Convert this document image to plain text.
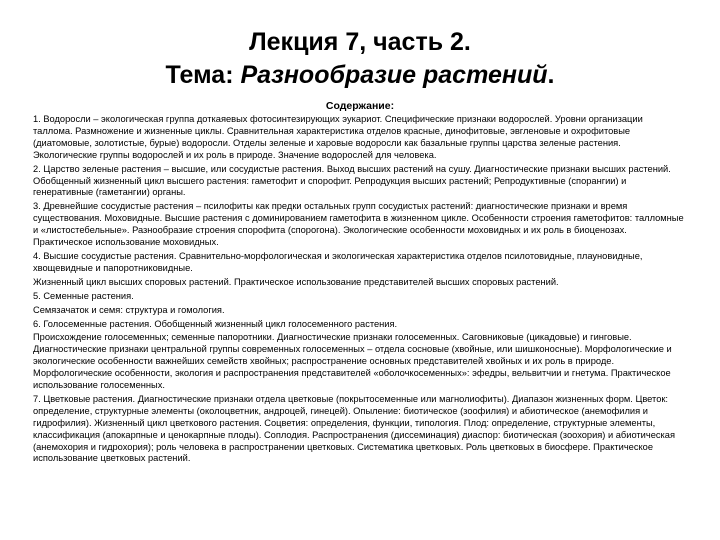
Лекция 7, часть 2.
Тема: Разнообразие растений.
Содержание:

1. Водоросли – экологическая группа доткаяевых фотосинтезирующих эукариот. Специфические признаки водорослей. Уровни организации таллома. Размножение и жизненные циклы. Сравнительная характеристика отделов красные, динофитовые, эвгленовые и охрофитовые (диатомовые, золотистые, бурые) водоросли. Отделы зеленые и харовые водоросли как базальные группы царства зеленые растения. Экологические группы водорослей и их роль в природе. Значение водорослей для человека.

2. Царство зеленые растения – высшие, или сосудистые растения. Выход высших растений на сушу. Диагностические признаки высших растений. Обобщенный жизненный цикл высшего растения: гаметофит и спорофит. Репродукция высших растений; Репродуктивные (спорангии) и генеративные (гаметангии) органы.

3. Древнейшие сосудистые растения – псилофиты как предки остальных групп сосудистых растений: диагностические признаки и время существования. Моховидные. Высшие растения с доминированием гаметофита в жизненном цикле. Особенности строения гаметофитов: талломные и «листостебельные». Разнообразие строения спорофита (спорогона). Экологические особенности моховидных и их роль в биоценозах. Практическое использование моховидных.

4. Высшие сосудистые растения. Сравнительно-морфологическая и экологическая характеристика отделов псилотовидные, плауновидные, хвощевидные и папоротниковидные.

Жизненный цикл высших споровых растений. Практическое использование представителей высших споровых растений.

5. Семенные растения.

Семязачаток и семя: структура и гомология.

6. Голосеменные растения. Обобщенный жизненный цикл голосеменного растения.

Происхождение голосеменных; семенные папоротники. Диагностические признаки голосеменных. Саговниковые (цикадовые) и гинговые. Диагностические признаки центральной группы современных голосеменных – отдела сосновые (хвойные, или шишконосные). Морфологические и экологические особенности важнейших семейств хвойных; распространение основных представителей хвойных и их роль в природе. Морфологические особенности, экология и распространения представителей «оболочкосеменных»: эфедры, вельвитчии и гнетума. Практическое использование голосеменных.

7. Цветковые растения. Диагностические признаки отдела цветковые (покрытосеменные или магнолиофиты). Диапазон жизненных форм. Цветок: определение, структурные элементы (околоцветник, андроцей, гинецей). Опыление: биотическое (зоофилия) и абиотическое (анемофилия и гидрофилия). Жизненный цикл цветкового растения. Соцветия: определения, функции, типология. Плод: определение, структурные элементы, классификация (апокарпные и ценокарпные плоды). Соплодия. Распространения (диссеминация) диаспор: биотическая (зоохория) и абиотическая (анемохория и гидрохория); роль человека в распространении цветковых. Систематика цветковых. Роль цветковых в биосфере. Практическое использование цветковых растений.
